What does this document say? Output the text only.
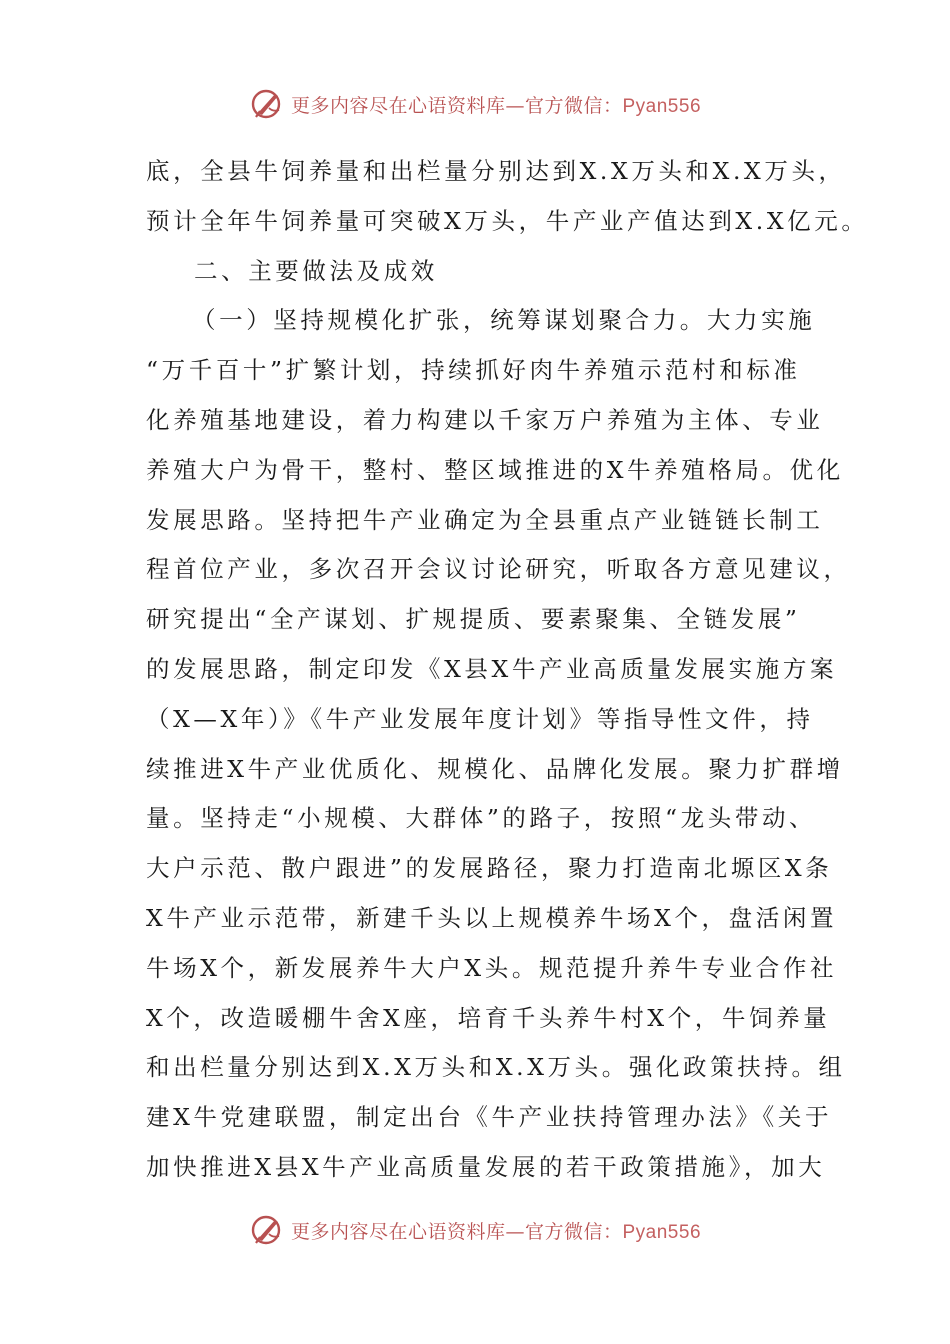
更多内容尽在心语资料库—官方微信：Pyan556
底，全县牛饲养量和出栏量分别达到X.X万头和X.X万头，
预计全年牛饲养量可突破X万头，牛产业产值达到X.X亿元。
二、主要做法及成效
（一）坚持规模化扩张，统筹谋划聚合力。大力实施
“万千百十”扩繁计划，持续抓好肉牛养殖示范村和标准
化养殖基地建设，着力构建以千家万户养殖为主体、专业
养殖大户为骨干，整村、整区域推进的X牛养殖格局。优化
发展思路。坚持把牛产业确定为全县重点产业链链长制工
程首位产业，多次召开会议讨论研究，听取各方意见建议，
研究提出“全产谋划、扩规提质、要素聚集、全链发展”
的发展思路，制定印发《X县X牛产业高质量发展实施方案
（X—X年）》《牛产业发展年度计划》等指导性文件，持
续推进X牛产业优质化、规模化、品牌化发展。聚力扩群增
量。坚持走“小规模、大群体”的路子，按照“龙头带动、
大户示范、散户跟进”的发展路径，聚力打造南北塬区X条
X牛产业示范带，新建千头以上规模养牛场X个，盘活闲置
牛场X个，新发展养牛大户X头。规范提升养牛专业合作社
X个，改造暖棚牛舍X座，培育千头养牛村X个，牛饲养量
和出栏量分别达到X.X万头和X.X万头。强化政策扶持。组
建X牛党建联盟，制定出台《牛产业扶持管理办法》《关于
加快推进X县X牛产业高质量发展的若干政策措施》，加大
更多内容尽在心语资料库—官方微信：Pyan556
